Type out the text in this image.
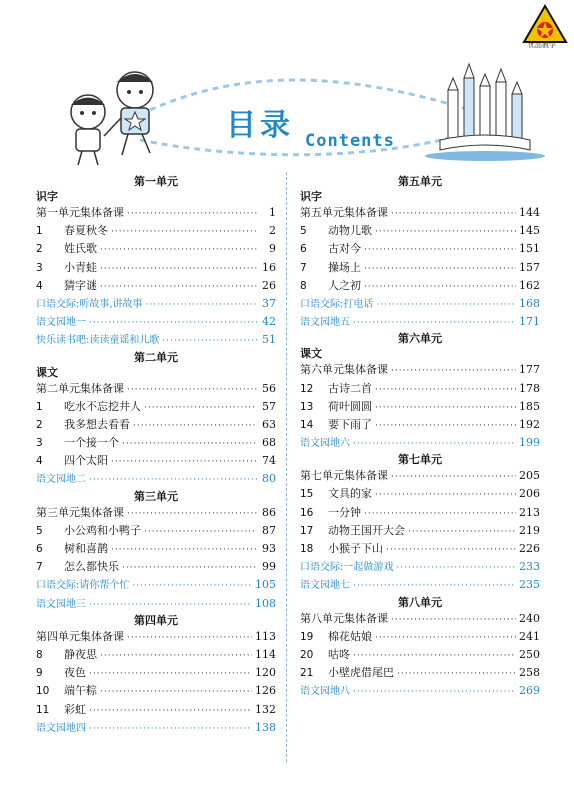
优品教学
目录 Contents
第一单元
识字
第一单元集体备课 ·····	1
1	春夏秋冬 ·····	2
2	姓氏歌 ·····	9
3	小青蛙 ·····	16
4	猜字谜 ·····	26
口语交际:听故事,讲故事 ·····	37
语文园地一 ·····	42
快乐读书吧:读读童谣和儿歌 ·····	51
第二单元
课文
第二单元集体备课 ·····	56
1	吃水不忘挖井人 ·····	57
2	我多想去看看 ·····	63
3	一个接一个 ·····	68
4	四个太阳 ·····	74
语文园地二 ·····	80
第三单元
第三单元集体备课 ·····	86
5	小公鸡和小鸭子 ·····	87
6	树和喜鹊 ·····	93
7	怎么都快乐 ·····	99
口语交际:请你帮个忙 ·····	105
语文园地三 ·····	108
第四单元
第四单元集体备课 ·····	113
8	静夜思 ·····	114
9	夜色 ·····	120
10	端午粽 ·····	126
11	彩虹 ·····	132
语文园地四 ·····	138
第五单元
识字
第五单元集体备课 ·····	144
5	动物儿歌 ·····	145
6	古对今 ·····	151
7	操场上 ·····	157
8	人之初 ·····	162
口语交际:打电话 ·····	168
语文园地五 ·····	171
第六单元
课文
第六单元集体备课 ·····	177
12	古诗二首 ·····	178
13	荷叶圆圆 ·····	185
14	要下雨了 ·····	192
语文园地六 ·····	199
第七单元
第七单元集体备课 ·····	205
15	文具的家 ·····	206
16	一分钟 ·····	213
17	动物王国开大会 ·····	219
18	小猴子下山 ·····	226
口语交际:一起做游戏 ·····	233
语文园地七 ·····	235
第八单元
第八单元集体备课 ·····	240
19	棉花姑娘 ·····	241
20	咕咚 ·····	250
21	小壁虎借尾巴 ·····	258
语文园地八 ·····	269
